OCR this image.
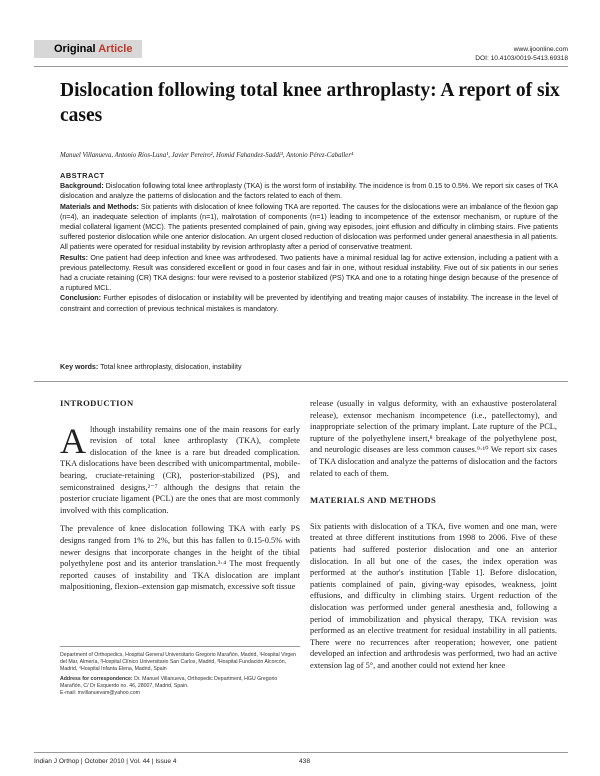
Original Article	www.ijoonline.com
DOI: 10.4103/0019-5413.69318
Dislocation following total knee arthroplasty: A report of six cases
Manuel Villanueva, Antonio Ríos-Luna¹, Javier Pereiro², Homid Fahandez-Saddi³, Antonio Pérez-Caballer⁴

ABSTRACT

Background: Dislocation following total knee arthroplasty (TKA) is the worst form of instability. The incidence is from 0.15 to 0.5%. We report six cases of TKA dislocation and analyze the patterns of dislocation and the factors related to each of them.

Materials and Methods: Six patients with dislocation of knee following TKA are reported. The causes for the dislocations were an imbalance of the flexion gap (n=4), an inadequate selection of implants (n=1), malrotation of components (n=1) leading to incompetence of the extensor mechanism, or rupture of the medial collateral ligament (MCC). The patients presented complained of pain, giving way episodes, joint effusion and difficulty in climbing stairs. Five patients suffered posterior dislocation while one anterior dislocation. An urgent closed reduction of dislocation was performed under general anaesthesia in all patients. All patients were operated for residual instability by revision arthroplasty after a period of conservative treatment.

Results: One patient had deep infection and knee was arthrodesed. Two patients have a minimal residual lag for active extension, including a patient with a previous patellectomy. Result was considered excellent or good in four cases and fair in one, without residual instability. Five out of six patients in our series had a cruciate retaining (CR) TKA designs: four were revised to a posterior stabilized (PS) TKA and one to a rotating hinge design because of the presence of a ruptured MCL.

Conclusion: Further episodes of dislocation or instability will be prevented by identifying and treating major causes of instability. The increase in the level of constraint and correction of previous technical mistakes is mandatory.

Key words: Total knee arthroplasty, dislocation, instability
INTRODUCTION

Although instability remains one of the main reasons for early revision of total knee arthroplasty (TKA), complete dislocation of the knee is a rare but dreaded complication. TKA dislocations have been described with unicompartmental, mobile-bearing, cruciate-retaining (CR), posterior-stabilized (PS), and semiconstrained designs,²⁻⁷ although the designs that retain the posterior cruciate ligament (PCL) are the ones that are most commonly involved with this complication.

The prevalence of knee dislocation following TKA with early PS designs ranged from 1% to 2%, but this has fallen to 0.15-0.5% with newer designs that incorporate changes in the height of the tibial polyethylene post and its anterior translation.³·⁴ The most frequently reported causes of instability and TKA dislocation are implant malpositioning, flexion–extension gap mismatch, excessive soft tissue

Department of Orthopedics, Hospital General Universitario Gregorio Marañón, Madrid, ¹Hospital Virgen del Mar, Almería, ²Hospital Clínico Universitario San Carlos, Madrid, ³Hospital Fundación Alcorcón, Madrid, ⁴Hospital Infanta Elena, Madrid, Spain

Address for correspondence: Dr. Manuel Villanueva, Orthopedic Department, HGU Gregorio Marañón, C/ Dr Esquerdo no. 46, 28007, Madrid, Spain.

E-mail: mvillanuevam@yahoo.com

release (usually in valgus deformity, with an exhaustive posterolateral release), extensor mechanism incompetence (i.e., patellectomy), and inappropriate selection of the primary implant. Late rupture of the PCL, rupture of the polyethylene insert,⁸ breakage of the polyethylene post, and neurologic diseases are less common causes.⁹·¹⁰ We report six cases of TKA dislocation and analyze the patterns of dislocation and the factors related to each of them.

MATERIALS AND METHODS

Six patients with dislocation of a TKA, five women and one man, were treated at three different institutions from 1998 to 2006. Five of these patients had suffered posterior dislocation and one an anterior dislocation. In all but one of the cases, the index operation was performed at the author's institution [Table 1]. Before dislocation, patients complained of pain, giving-way episodes, weakness, joint effusions, and difficulty in climbing stairs. Urgent reduction of the dislocation was performed under general anesthesia and, following a period of immobilization and physical therapy, TKA revision was performed as an elective treatment for residual instability in all patients. There were no recurrences after reoperation; however, one patient developed an infection and arthrodesis was performed, two had an active extension lag of 5°, and another could not extend her knee

Indian J Orthop | October 2010 | Vol. 44 | Issue 4	438
